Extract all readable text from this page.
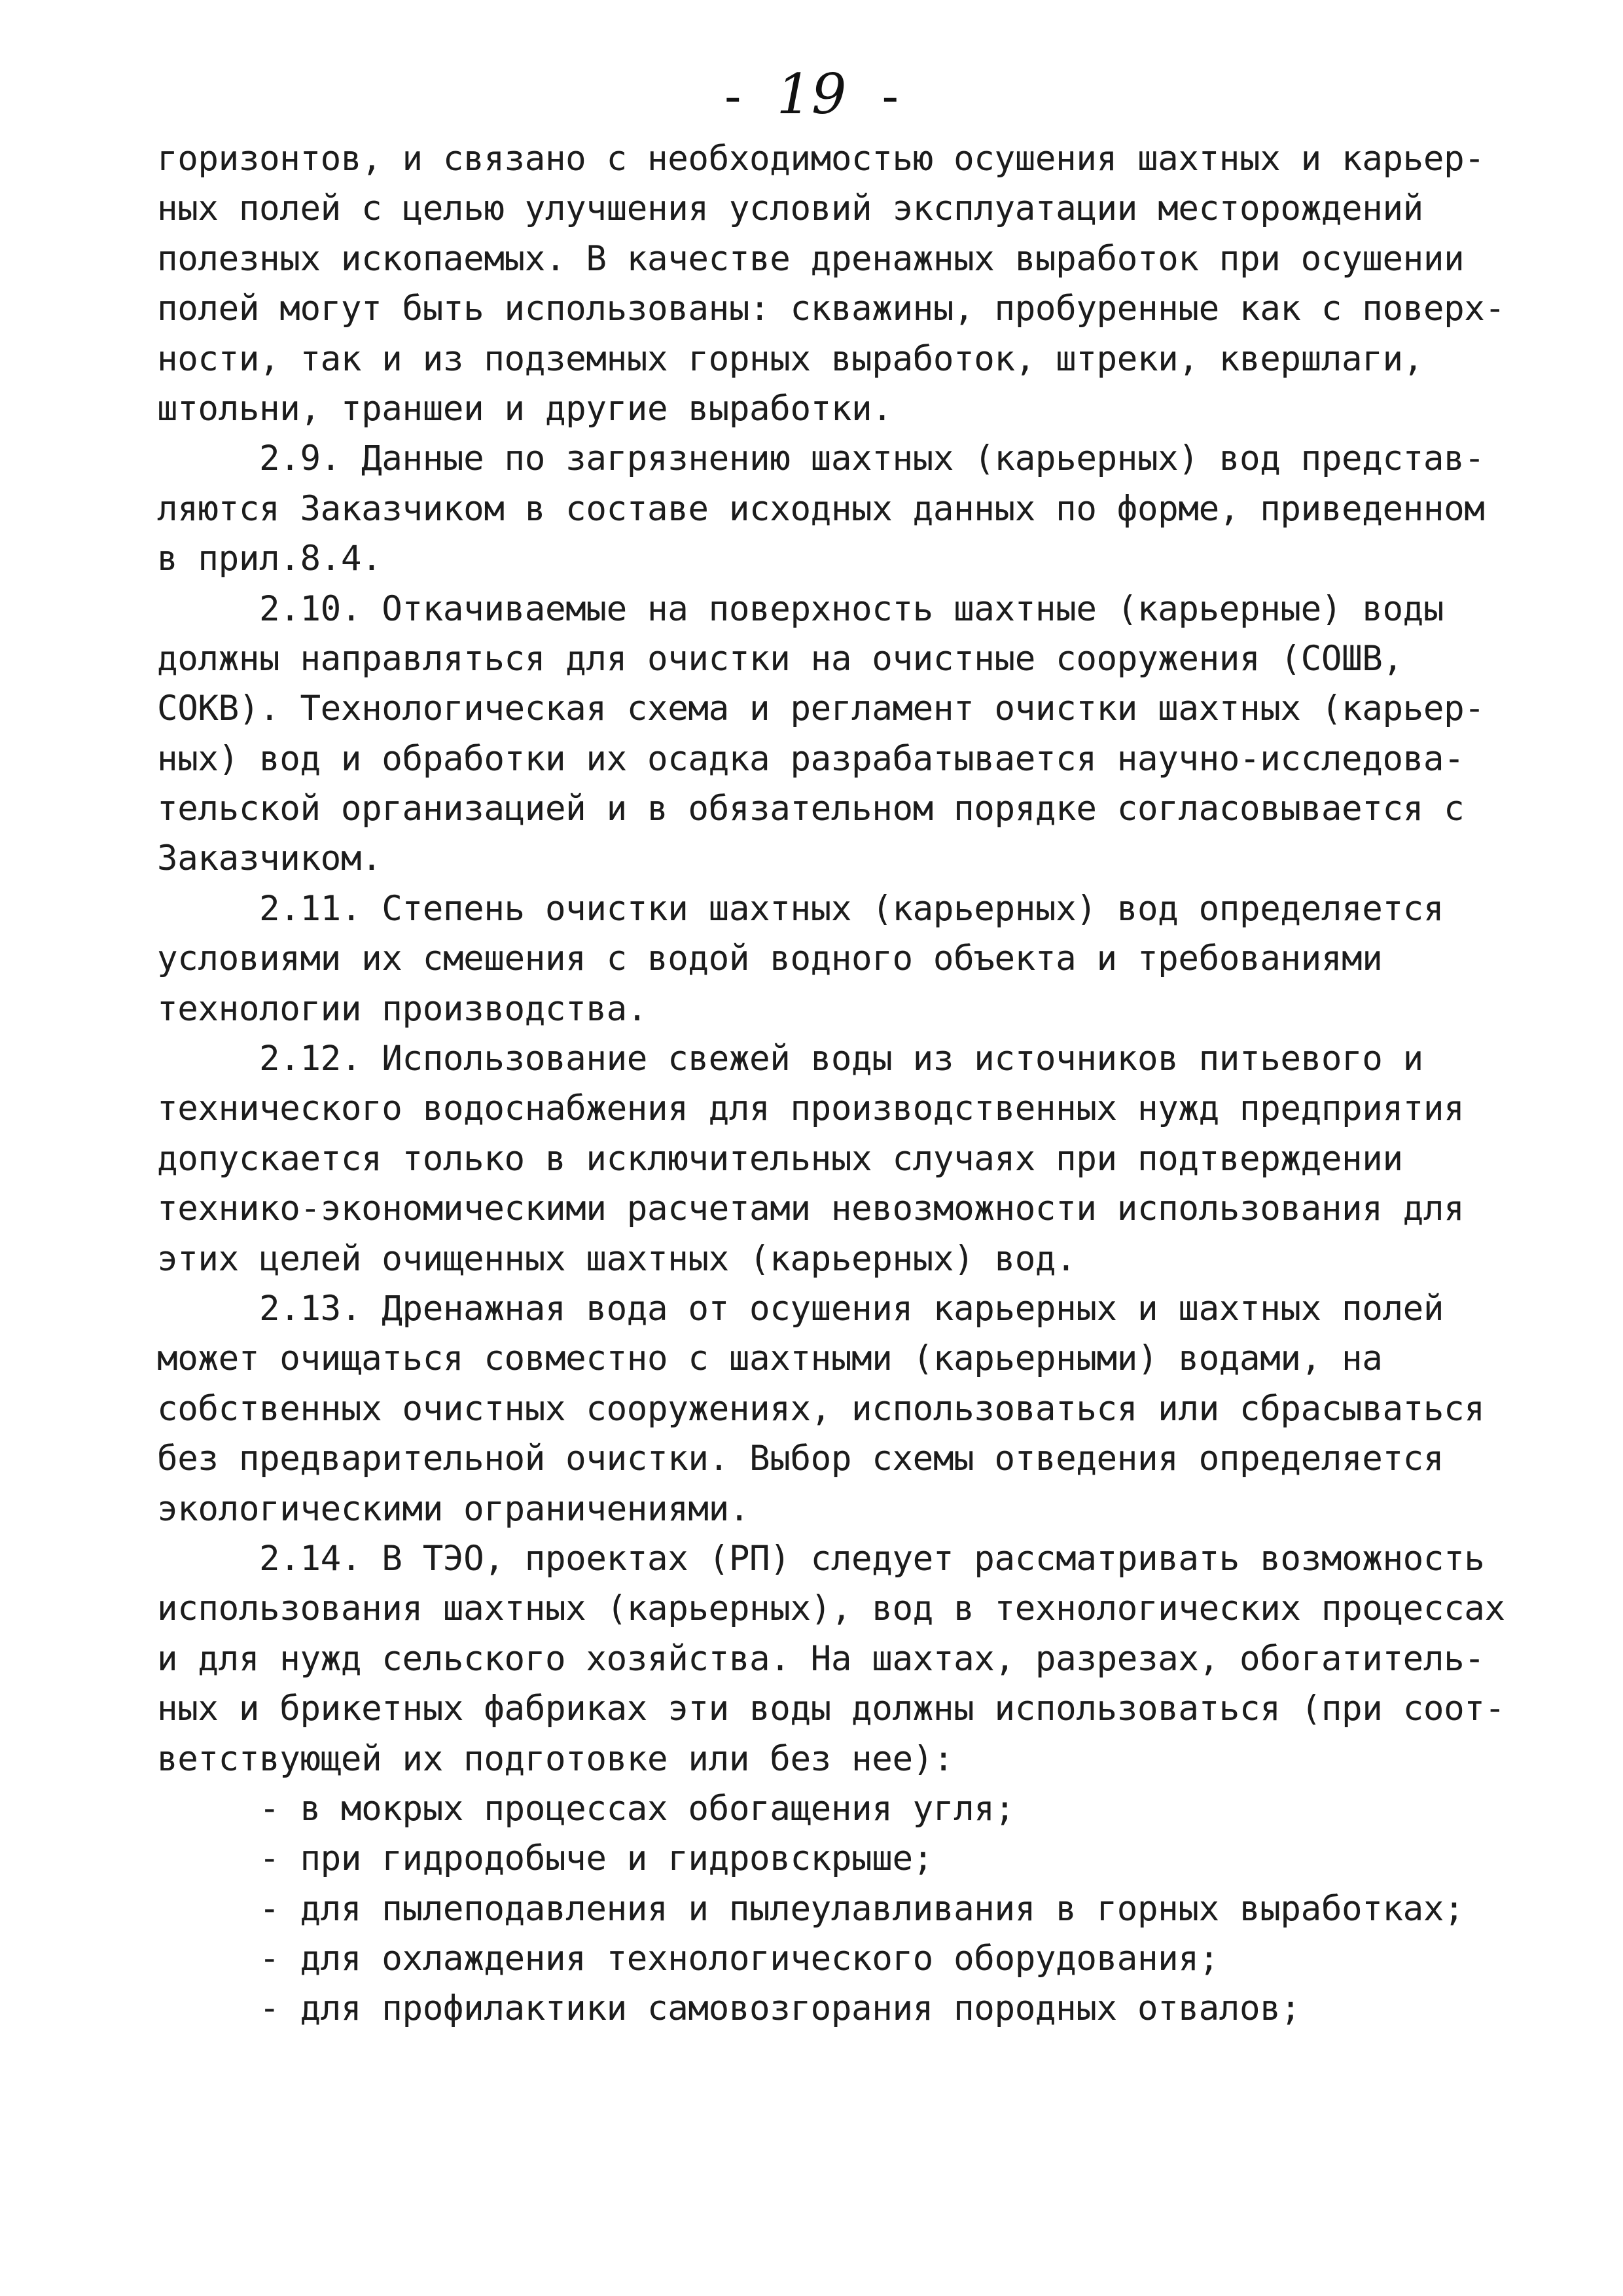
- 19 -
горизонтов, и связано с необходимостью осушения шахтных и карьер-
ных полей с целью улучшения условий эксплуатации месторождений
полезных ископаемых. В качестве дренажных выработок при осушении
полей могут быть использованы: скважины, пробуренные как с поверх-
ности, так и из подземных горных выработок, штреки, квершлаги,
штольни, траншеи и другие выработки.
2.9. Данные по загрязнению шахтных (карьерных) вод представ-
ляются Заказчиком в составе исходных данных по форме, приведенном
в прил.8.4.
2.10. Откачиваемые на поверхность шахтные (карьерные) воды
должны направляться для очистки на очистные сооружения (СОШВ,
СОКВ). Технологическая схема и регламент очистки шахтных (карьер-
ных) вод и обработки их осадка разрабатывается научно-исследова-
тельской организацией и в обязательном порядке согласовывается с
Заказчиком.
2.11. Степень очистки шахтных (карьерных) вод определяется
условиями их смешения с водой водного объекта и требованиями
технологии производства.
2.12. Использование свежей воды из источников питьевого и
технического водоснабжения для производственных нужд предприятия
допускается только в исключительных случаях при подтверждении
технико-экономическими расчетами невозможности использования для
этих целей очищенных шахтных (карьерных) вод.
2.13. Дренажная вода от осушения карьерных и шахтных полей
может очищаться совместно с шахтными (карьерными) водами, на
собственных очистных сооружениях, использоваться или сбрасываться
без предварительной очистки. Выбор схемы отведения определяется
экологическими ограничениями.
2.14. В ТЭО, проектах (РП) следует рассматривать возможность
использования шахтных (карьерных), вод в технологических процессах
и для нужд сельского хозяйства. На шахтах, разрезах, обогатитель-
ных и брикетных фабриках эти воды должны использоваться (при соот-
ветствующей их подготовке или без нее):
- в мокрых процессах обогащения угля;
- при гидродобыче и гидровскрыше;
- для пылеподавления и пылеулавливания в горных выработках;
- для охлаждения технологического оборудования;
- для профилактики самовозгорания породных отвалов;
